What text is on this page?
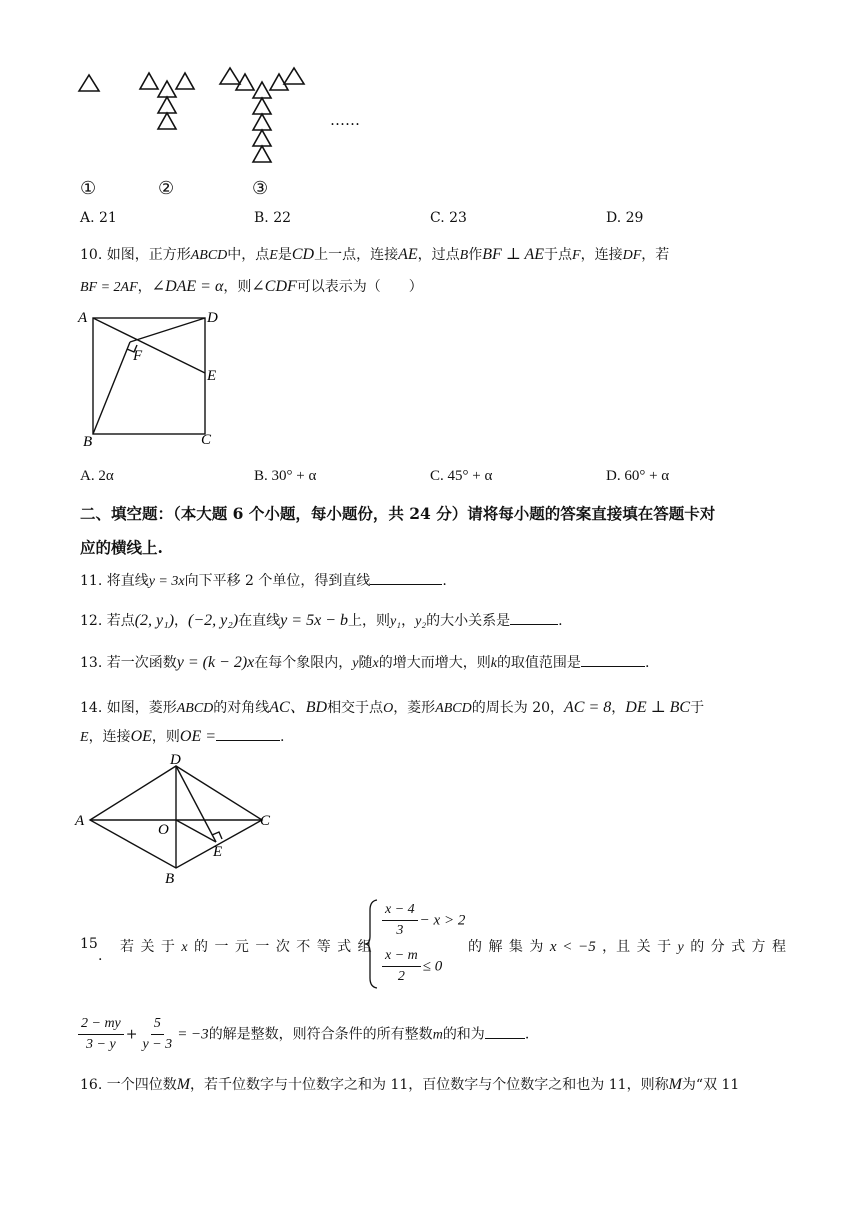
……
①	②	③
A. 21	B. 22	C. 23	D. 29
10. 如图，正方形ABCD中，点E是CD上一点，连接AE，过点B作BF ⊥ AE于点F，连接DF，若
BF = 2AF，∠DAE = α，则∠CDF可以表示为（　　）
A	D
F
E
B	C
A. 2α	B. 30° + α	C. 45° + α	D. 60° + α
二、填空题：（本大题 6 个小题，每小题份，共 24 分）请将每小题的答案直接填在答题卡对
应的横线上.
11. 将直线y = 3x向下平移 2 个单位，得到直线	.
12. 若点(2, y₁)，(−2, y₂)在直线y = 5x − b上，则y₁，y₂的大小关系是	.
13. 若一次函数y = (k − 2)x在每个象限内，y随x的增大而增大，则k的取值范围是	.
14. 如图，菱形ABCD的对角线AC、BD相交于点O，菱形ABCD的周长为 20，AC = 8，DE ⊥ BC于
E，连接OE，则OE =	.
D
A
O
C
E
B
15
.
若 关 于 x 的 一 元 一 次 不 等 式 组
$\frac{x - 4}{3} - x > 2$
$\frac{x - m}{2} \le 0$
的 解 集 为 x < −5 ，且 关 于 y 的 分 式 方 程
$\frac{2 - my}{3 - y} + \frac{5}{y - 3} = -3$的解是整数，则符合条件的所有整数m的和为	.
16. 一个四位数M，若千位数字与十位数字之和为 11，百位数字与个位数字之和也为 11，则称M为“双 11
